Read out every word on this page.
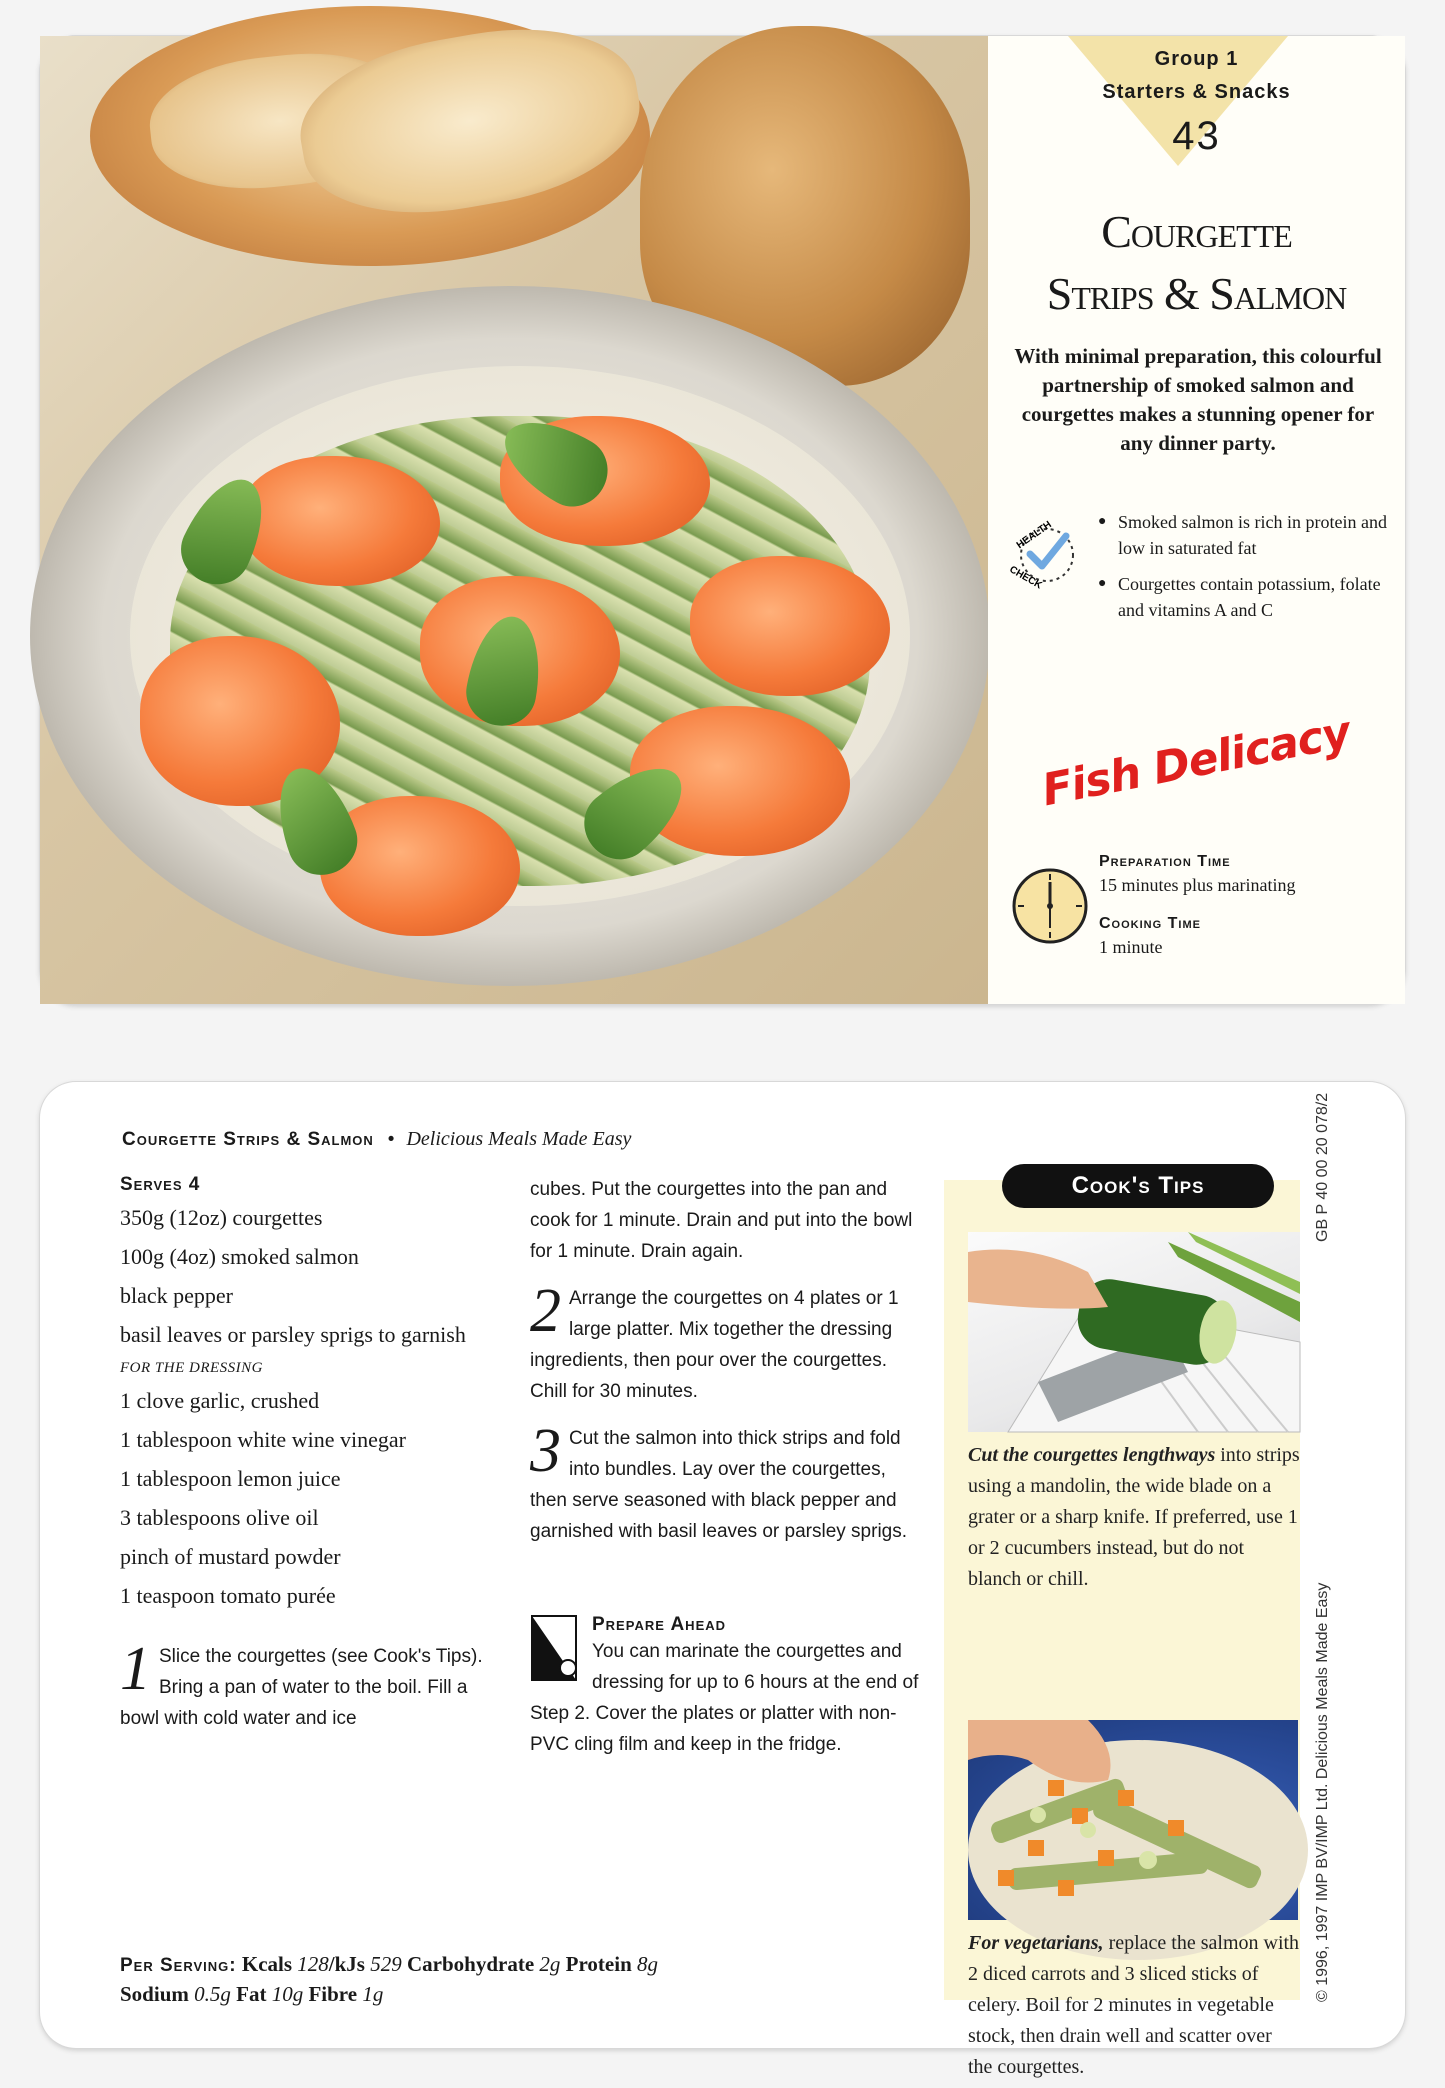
Group 1
Starters & Snacks
43
Courgette
Strips & Salmon
With minimal preparation, this colourful partnership of smoked salmon and courgettes makes a stunning opener for any dinner party.
HEALTH
CHECK
● Smoked salmon is rich in protein and low in saturated fat
● Courgettes contain potassium, folate and vitamins A and C
Fish Delicacy
Preparation Time
15 minutes plus marinating
Cooking Time
1 minute
Courgette Strips & Salmon • Delicious Meals Made Easy
Serves 4
350g (12oz) courgettes
100g (4oz) smoked salmon
black pepper
basil leaves or parsley sprigs to garnish
FOR THE DRESSING
1 clove garlic, crushed
1 tablespoon white wine vinegar
1 tablespoon lemon juice
3 tablespoons olive oil
pinch of mustard powder
1 teaspoon tomato purée
1 Slice the courgettes (see Cook's Tips). Bring a pan of water to the boil. Fill a bowl with cold water and ice
cubes. Put the courgettes into the pan and cook for 1 minute. Drain and put into the bowl for 1 minute. Drain again.
2 Arrange the courgettes on 4 plates or 1 large platter. Mix together the dressing ingredients, then pour over the courgettes. Chill for 30 minutes.
3 Cut the salmon into thick strips and fold into bundles. Lay over the courgettes, then serve seasoned with black pepper and garnished with basil leaves or parsley sprigs.
Prepare Ahead
You can marinate the courgettes and dressing for up to 6 hours at the end of Step 2. Cover the plates or platter with non-PVC cling film and keep in the fridge.
Per Serving: Kcals 128/kJs 529 Carbohydrate 2g Protein 8g
Sodium 0.5g Fat 10g Fibre 1g
Cook's Tips
Cut the courgettes lengthways into strips using a mandolin, the wide blade on a grater or a sharp knife. If preferred, use 1 or 2 cucumbers instead, but do not blanch or chill.
For vegetarians, replace the salmon with 2 diced carrots and 3 sliced sticks of celery. Boil for 2 minutes in vegetable stock, then drain well and scatter over the courgettes.
GB P 40 00 20 078/2
© 1996, 1997 IMP BV/IMP Ltd. Delicious Meals Made Easy
